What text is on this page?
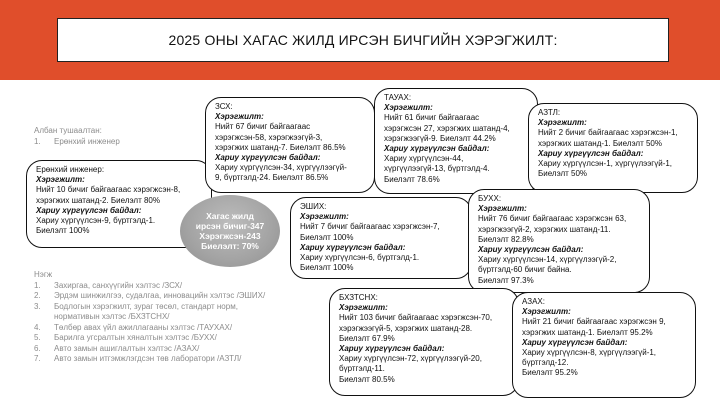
2025 ОНЫ ХАГАС ЖИЛД ИРСЭН БИЧГИЙН ХЭРЭГЖИЛТ:
Албан тушаалтан:
1.	Ерөнхий инженер
Нэгж
1.	Захиргаа, санхүүгийн хэлтэс /ЗСХ/
2.	Эрдэм шинжилгээ, судалгаа, инновацийн хэлтэс /ЭШИХ/
3.	Бодлогын хэрэгжилт, зураг төсөл, стандарт норм,
нормативын хэлтэс /БХЗТСНХ/
4.	Төлбөр авах үйл ажиллагааны хэлтэс /ТАУХАХ/
5.	Барилга угсралтын хяналтын хэлтэс /БУХХ/
6.	Авто замын ашиглалтын хэлтэс /АЗАХ/
7.	Авто замын итгэмжлэгдсэн төв лаборатори /АЗТЛ/
Ерөнхий инженер:
Хэрэгжилт:
Нийт 10 бичиг байгаагаас хэрэгжсэн-8,
хэрэгжих шатанд-2. Биелэлт 80%
Хариу хүргүүлсэн байдал:
Хариу хүргүүлсэн-9, бүртгэлд-1.
Биелэлт 100%
ЗСХ:
Хэрэгжилт:
Нийт 67 бичиг байгаагаас
хэрэгжсэн-58, хэрэгжээгүй-3,
хэрэгжих шатанд-7. Биелэлт 86.5%
Хариу хүргүүлсэн байдал:
Хариу хүргүүлсэн-34, хүргүүлээгүй-
9, бүртгэлд-24. Биелэлт 86.5%
ТАУАХ:
Хэрэгжилт:
Нийт 61 бичиг байгаагаас
хэрэгжсэн 27, хэрэгжих шатанд-4,
хэрэгжээгүй-9. Биелэлт 44.2%
Хариу хүргүүлсэн байдал:
Хариу хүргүүлсэн-44,
хүргүүлээгүй-13, бүртгэлд-4.
Биелэлт 78.6%
АЗТЛ:
Хэрэгжилт:
Нийт 2 бичиг байгаагаас хэрэгжсэн-1,
хэрэгжих шатанд-1. Биелэлт 50%
Хариу хүргүүлсэн байдал:
Хариу хүргүүлсэн-1, хүргүүлээгүй-1,
Биелэлт 50%
ЭШИХ:
Хэрэгжилт:
Нийт 7 бичиг байгаагаас хэрэгжсэн-7,
Биелэлт 100%
Хариу хүргүүлсэн байдал:
Хариу хүргүүлсэн-6, бүртгэлд-1.
Биелэлт 100%
БУХХ:
Хэрэгжилт:
Нийт 76 бичиг байгаагаас хэрэгжсэн 63,
хэрэгжээгүй-2, хэрэгжих шатанд-11.
Биелэлт 82.8%
Хариу хүргүүлсэн байдал:
Хариу хүргүүлсэн-14, хүргүүлээгүй-2,
бүртгэлд-60 бичиг байна.
Биелэлт 97.3%
БХЗТСНХ:
Хэрэгжилт:
Нийт 103 бичиг байгаагаас хэрэгжсэн-70,
хэрэгжээгүй-5, хэрэгжих шатанд-28.
Биелэлт 67.9%
Хариу хүргүүлсэн байдал:
Хариу хүргүүлсэн-72, хүргүүлээгүй-20,
бүртгэлд-11.
Биелэлт 80.5%
АЗАХ:
Хэрэгжилт:
Нийт 21 бичиг байгаагаас хэрэгжсэн 9,
хэрэгжих шатанд-1. Биелэлт 95.2%
Хариу хүргүүлсэн байдал:
Хариу хүргүүлсэн-8, хүргүүлээгүй-1,
бүртгэлд-12.
Биелэлт 95.2%
Хагас жилд
ирсэн бичиг-347
Хэрэгжсэн-243
Биелэлт: 70%
